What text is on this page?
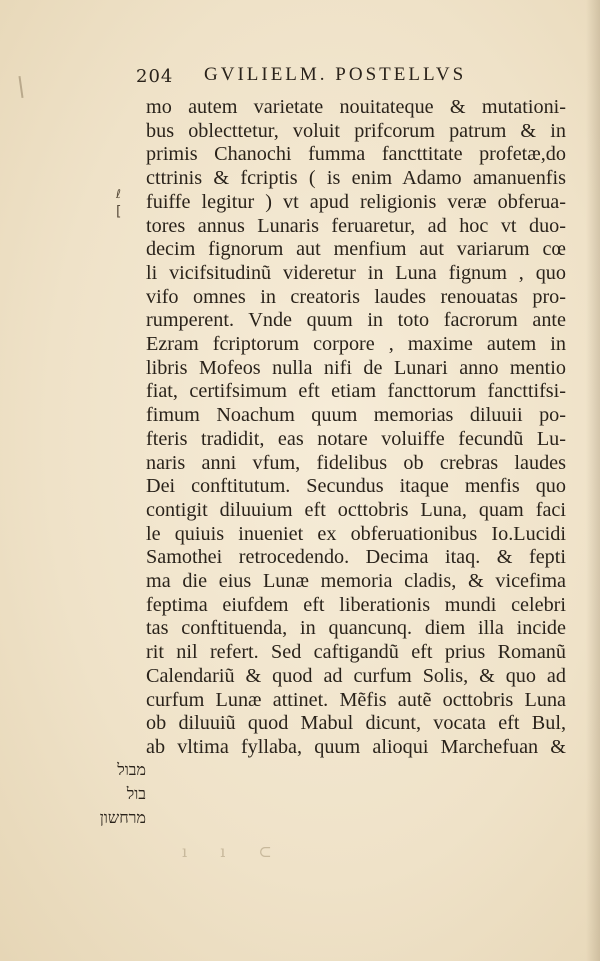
204 GVILIELM. POSTELLVS
ℓ
[
mo autem varietate nouitateque & mutationi-
bus oblecttetur, voluit prifcorum patrum & in
primis Chanochi fumma fancttitate profetæ,do
cttrinis & fcriptis ( is enim Adamo amanuenfis
fuiffe legitur ) vt apud religionis veræ obferua-
tores annus Lunaris feruaretur, ad hoc vt duo-
decim fignorum aut menfium aut variarum cœ
li vicifsitudinũ videretur in Luna fignum , quo
vifo omnes in creatoris laudes renouatas pro-
rumperent. Vnde quum in toto facrorum ante
Ezram fcriptorum corpore , maxime autem in
libris Mofeos nulla nifi de Lunari anno mentio
fiat, certifsimum eft etiam fancttorum fancttifsi-
fimum Noachum quum memorias diluuii po-
fteris tradidit, eas notare voluiffe fecundũ Lu-
naris anni vfum, fidelibus ob crebras laudes
Dei conftitutum. Secundus itaque menfis quo
contigit diluuium eft octtobris Luna, quam faci
le quiuis inueniet ex obferuationibus Io.Lucidi
Samothei retrocedendo. Decima itaq. & fepti
ma die eius Lunæ memoria cladis, & vicefima
feptima eiufdem eft liberationis mundi celebri
tas conftituenda, in quancunq. diem illa incide
rit nil refert. Sed caftigandũ eft prius Romanũ
Calendariũ & quod ad curfum Solis, & quo ad
curfum Lunæ attinet. Mẽfis autẽ octtobris Luna
ob diluuiũ quod Mabul dicunt, vocata eft Bul,
ab vltima fyllaba, quum alioqui Marchefuan &
מבול
בול
מרחשון
ı ı ⊂
